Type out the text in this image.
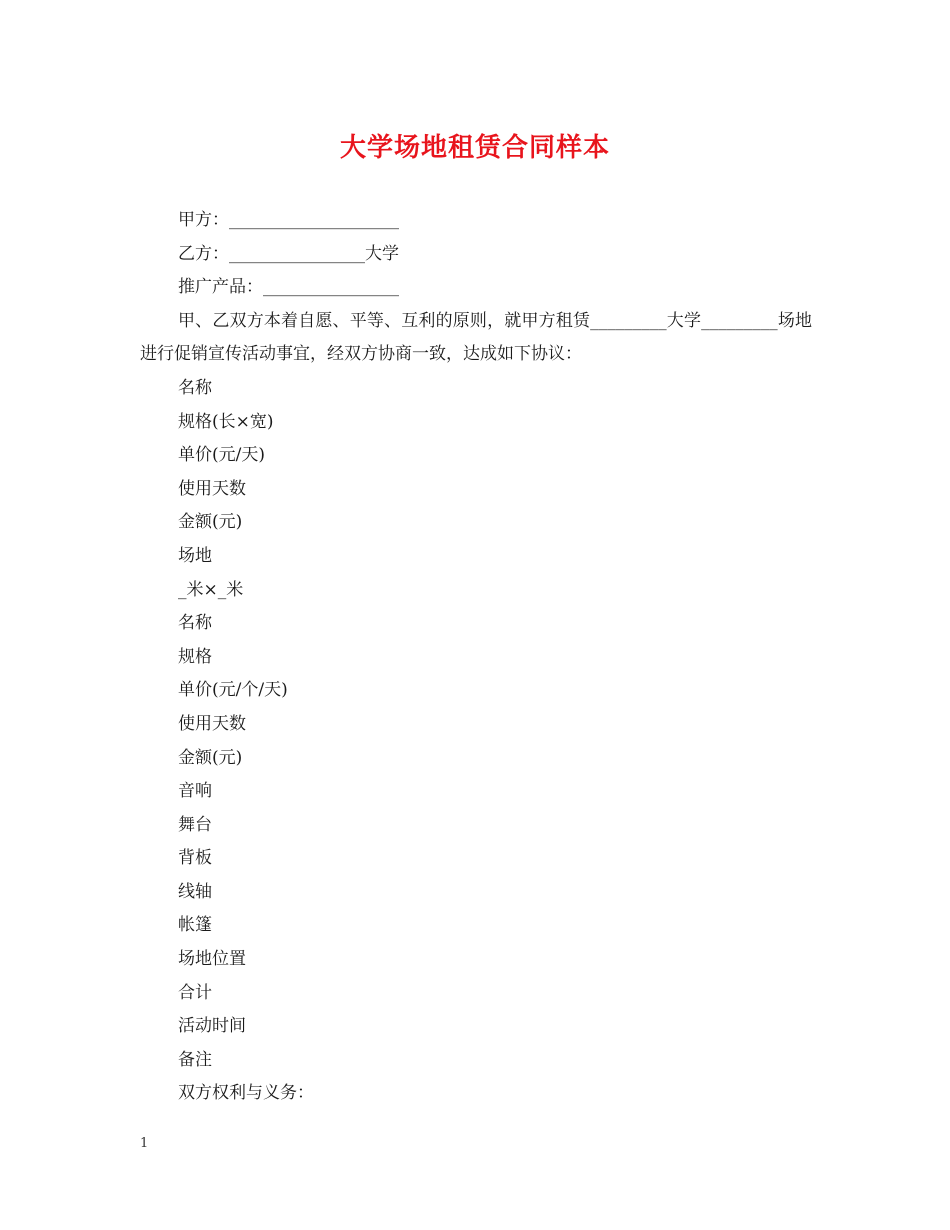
大学场地租赁合同样本
甲方：____________________
乙方：________________大学
推广产品：________________
甲、乙双方本着自愿、平等、互利的原则，就甲方租赁_________大学_________场地进行促销宣传活动事宜，经双方协商一致，达成如下协议：
名称
规格(长×宽)
单价(元/天)
使用天数
金额(元)
场地
_米×_米
名称
规格
单价(元/个/天)
使用天数
金额(元)
音响
舞台
背板
线轴
帐篷
场地位置
合计
活动时间
备注
双方权利与义务：
1
